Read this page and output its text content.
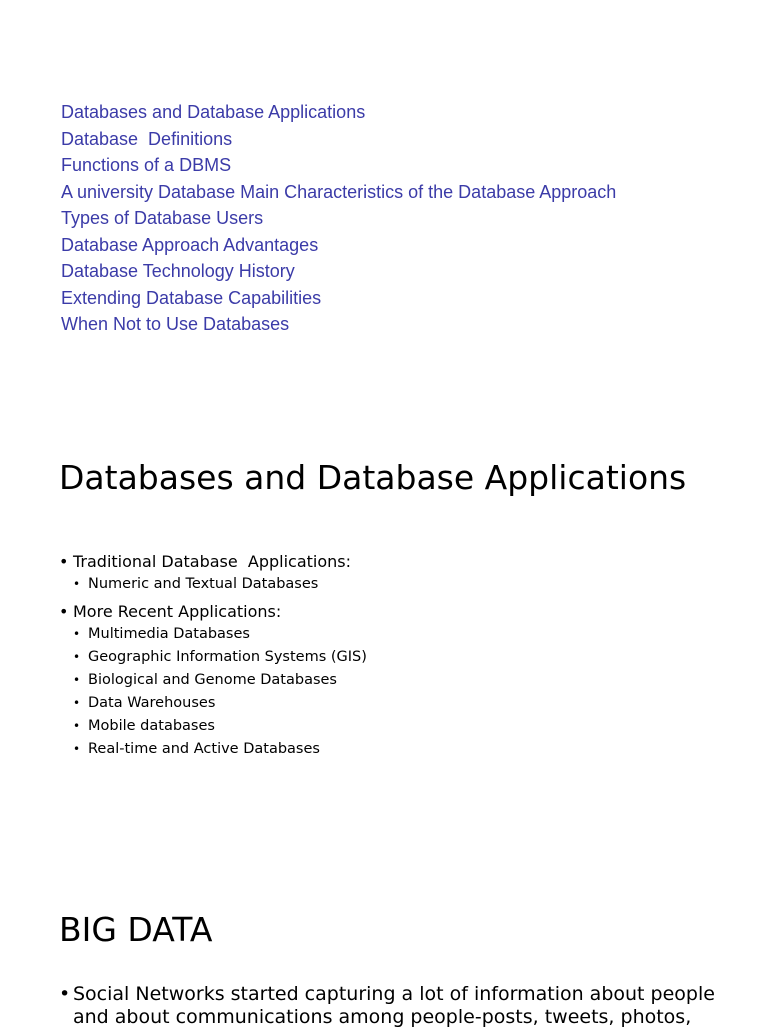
Databases and Database Applications
Database  Definitions
Functions of a DBMS
A university Database Main Characteristics of the Database Approach
Types of Database Users
Database Approach Advantages
Database Technology History
Extending Database Capabilities
When Not to Use Databases
Databases and Database Applications
• Traditional Database  Applications:
• Numeric and Textual Databases
• More Recent Applications:
• Multimedia Databases
• Geographic Information Systems (GIS)
• Biological and Genome Databases
• Data Warehouses
• Mobile databases
• Real-time and Active Databases
BIG DATA
• Social Networks started capturing a lot of information about people and about communications among people-posts, tweets, photos,
